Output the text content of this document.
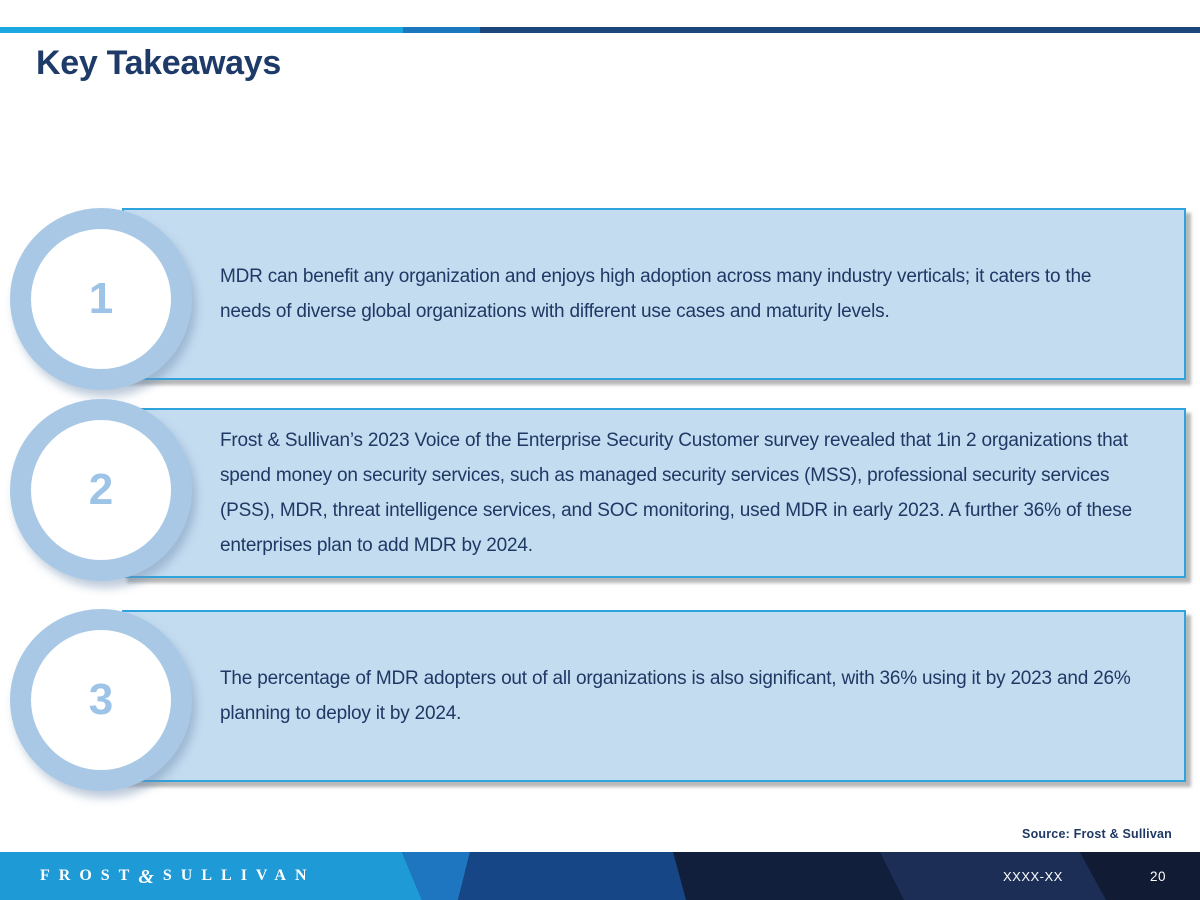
Key Takeaways
MDR can benefit any organization and enjoys high adoption across many industry verticals; it caters to the needs of diverse global organizations with different use cases and maturity levels.
1
Frost & Sullivan’s 2023 Voice of the Enterprise Security Customer survey revealed that 1in 2 organizations that spend money on security services, such as managed security services (MSS), professional security services (PSS), MDR, threat intelligence services, and SOC monitoring, used MDR in early 2023. A further 36% of these enterprises plan to add MDR by 2024.
2
The percentage of MDR adopters out of all organizations is also significant, with 36% using it by 2023 and 26% planning to deploy it by 2024.
3
Source: Frost & Sullivan
FROST & SULLIVAN	XXXX-XX	20
